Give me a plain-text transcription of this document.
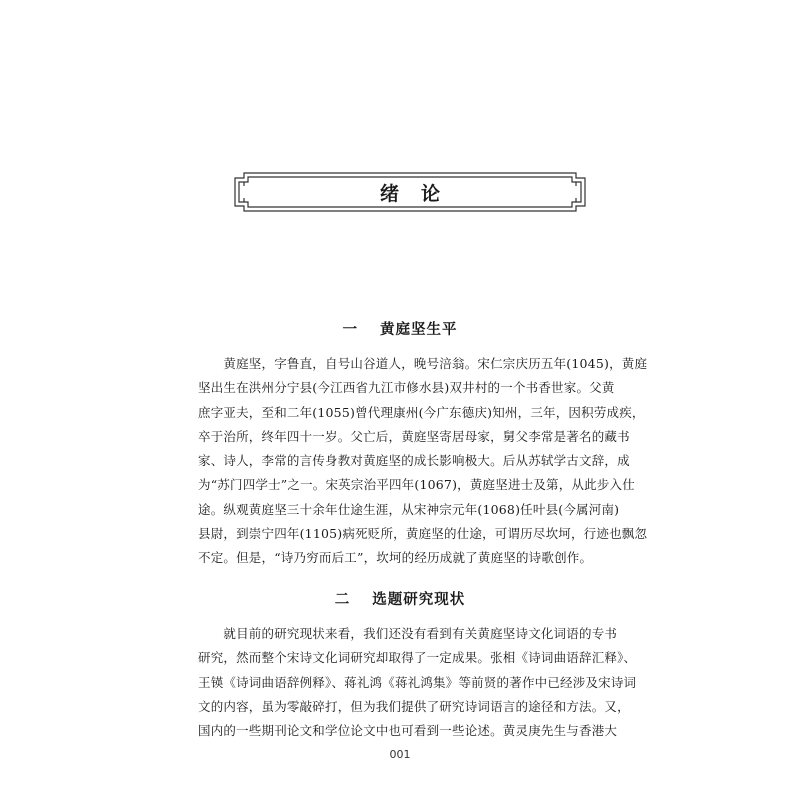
绪论
一 黄庭坚生平
　　黄庭坚，字鲁直，自号山谷道人，晚号涪翁。宋仁宗庆历五年(1045)，黄庭
坚出生在洪州分宁县(今江西省九江市修水县)双井村的一个书香世家。父黄
庶字亚夫，至和二年(1055)曾代理康州(今广东德庆)知州，三年，因积劳成疾，
卒于治所，终年四十一岁。父亡后，黄庭坚寄居母家，舅父李常是著名的藏书
家、诗人，李常的言传身教对黄庭坚的成长影响极大。后从苏轼学古文辞，成
为“苏门四学士”之一。宋英宗治平四年(1067)，黄庭坚进士及第，从此步入仕
途。纵观黄庭坚三十余年仕途生涯，从宋神宗元年(1068)任叶县(今属河南)
县尉，到崇宁四年(1105)病死贬所，黄庭坚的仕途，可谓历尽坎坷，行迹也飘忽
不定。但是，“诗乃穷而后工”，坎坷的经历成就了黄庭坚的诗歌创作。
二 选题研究现状
　　就目前的研究现状来看，我们还没有看到有关黄庭坚诗文化词语的专书
研究，然而整个宋诗文化词研究却取得了一定成果。张相《诗词曲语辞汇释》、
王锳《诗词曲语辞例释》、蒋礼鸿《蒋礼鸿集》等前贤的著作中已经涉及宋诗词
文的内容，虽为零敲碎打，但为我们提供了研究诗词语言的途径和方法。又，
国内的一些期刊论文和学位论文中也可看到一些论述。黄灵庚先生与香港大
001
